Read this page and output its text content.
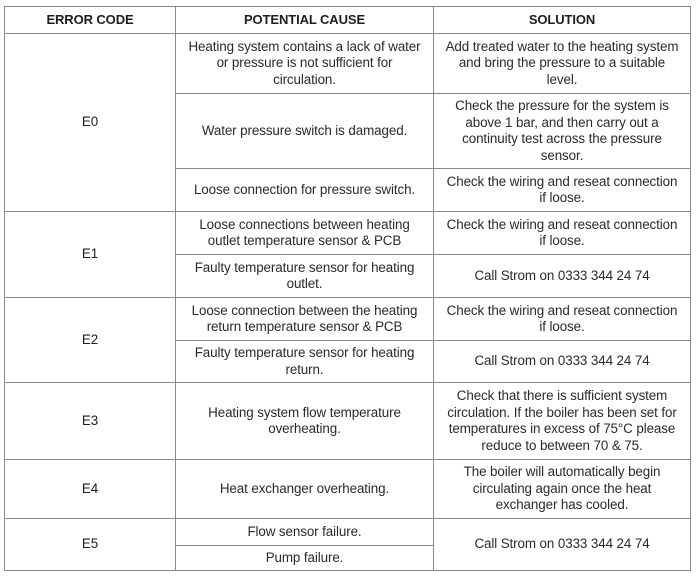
ERROR CODE	POTENTIAL CAUSE	SOLUTION
E0	Heating system contains a lack of water or pressure is not sufficient for circulation.	Add treated water to the heating system and bring the pressure to a suitable level.
	Water pressure switch is damaged.	Check the pressure for the system is above 1 bar, and then carry out a continuity test across the pressure sensor.
	Loose connection for pressure switch.	Check the wiring and reseat connection if loose.
E1	Loose connections between heating outlet temperature sensor & PCB	Check the wiring and reseat connection if loose.
	Faulty temperature sensor for heating outlet.	Call Strom on 0333 344 24 74
E2	Loose connection between the heating return temperature sensor & PCB	Check the wiring and reseat connection if loose.
	Faulty temperature sensor for heating return.	Call Strom on 0333 344 24 74
E3	Heating system flow temperature overheating.	Check that there is sufficient system circulation. If the boiler has been set for temperatures in excess of 75°C please reduce to between 70 & 75.
E4	Heat exchanger overheating.	The boiler will automatically begin circulating again once the heat exchanger has cooled.
E5	Flow sensor failure.	Call Strom on 0333 344 24 74
	Pump failure.	
